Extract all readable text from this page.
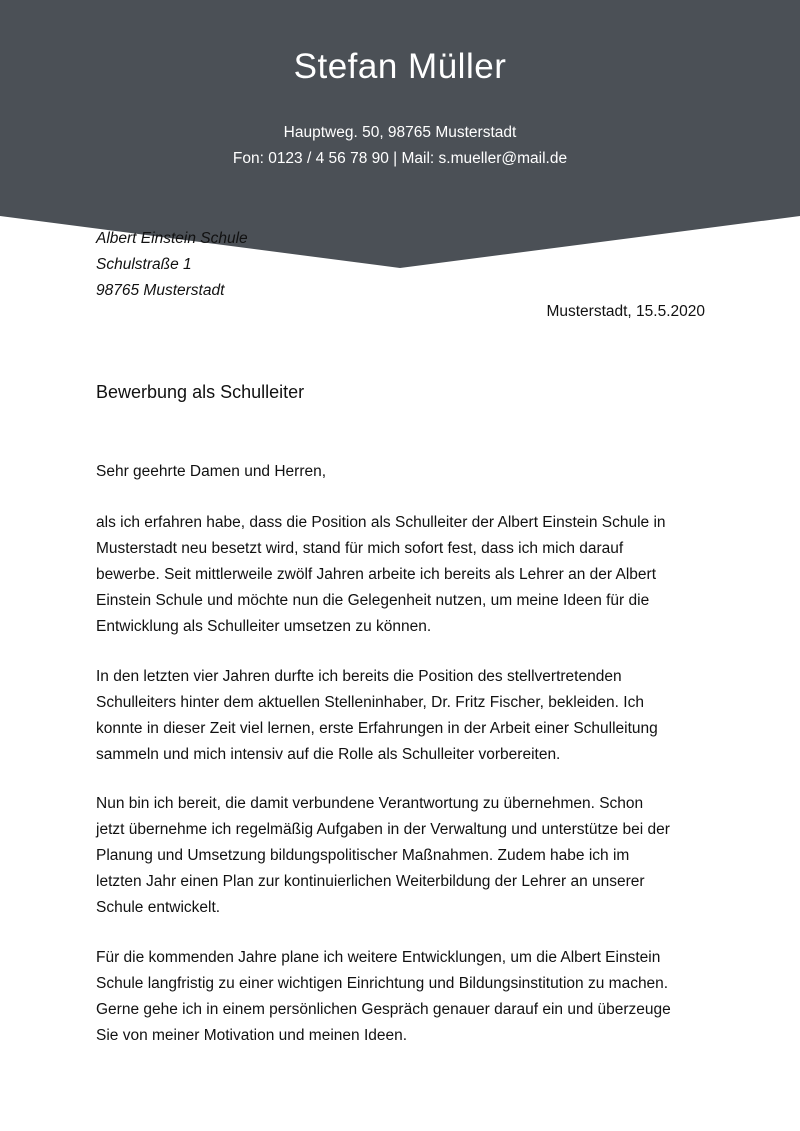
Stefan Müller
Hauptweg. 50, 98765 Musterstadt
Fon: 0123 / 4 56 78 90 | Mail: s.mueller@mail.de
Albert Einstein Schule
Schulstraße 1
98765 Musterstadt
Musterstadt, 15.5.2020
Bewerbung als Schulleiter
Sehr geehrte Damen und Herren,
als ich erfahren habe, dass die Position als Schulleiter der Albert Einstein Schule in
Musterstadt neu besetzt wird, stand für mich sofort fest, dass ich mich darauf
bewerbe. Seit mittlerweile zwölf Jahren arbeite ich bereits als Lehrer an der Albert
Einstein Schule und möchte nun die Gelegenheit nutzen, um meine Ideen für die
Entwicklung als Schulleiter umsetzen zu können.
In den letzten vier Jahren durfte ich bereits die Position des stellvertretenden
Schulleiters hinter dem aktuellen Stelleninhaber, Dr. Fritz Fischer, bekleiden. Ich
konnte in dieser Zeit viel lernen, erste Erfahrungen in der Arbeit einer Schulleitung
sammeln und mich intensiv auf die Rolle als Schulleiter vorbereiten.
Nun bin ich bereit, die damit verbundene Verantwortung zu übernehmen. Schon
jetzt übernehme ich regelmäßig Aufgaben in der Verwaltung und unterstütze bei der
Planung und Umsetzung bildungspolitischer Maßnahmen. Zudem habe ich im
letzten Jahr einen Plan zur kontinuierlichen Weiterbildung der Lehrer an unserer
Schule entwickelt.
Für die kommenden Jahre plane ich weitere Entwicklungen, um die Albert Einstein
Schule langfristig zu einer wichtigen Einrichtung und Bildungsinstitution zu machen.
Gerne gehe ich in einem persönlichen Gespräch genauer darauf ein und überzeuge
Sie von meiner Motivation und meinen Ideen.
